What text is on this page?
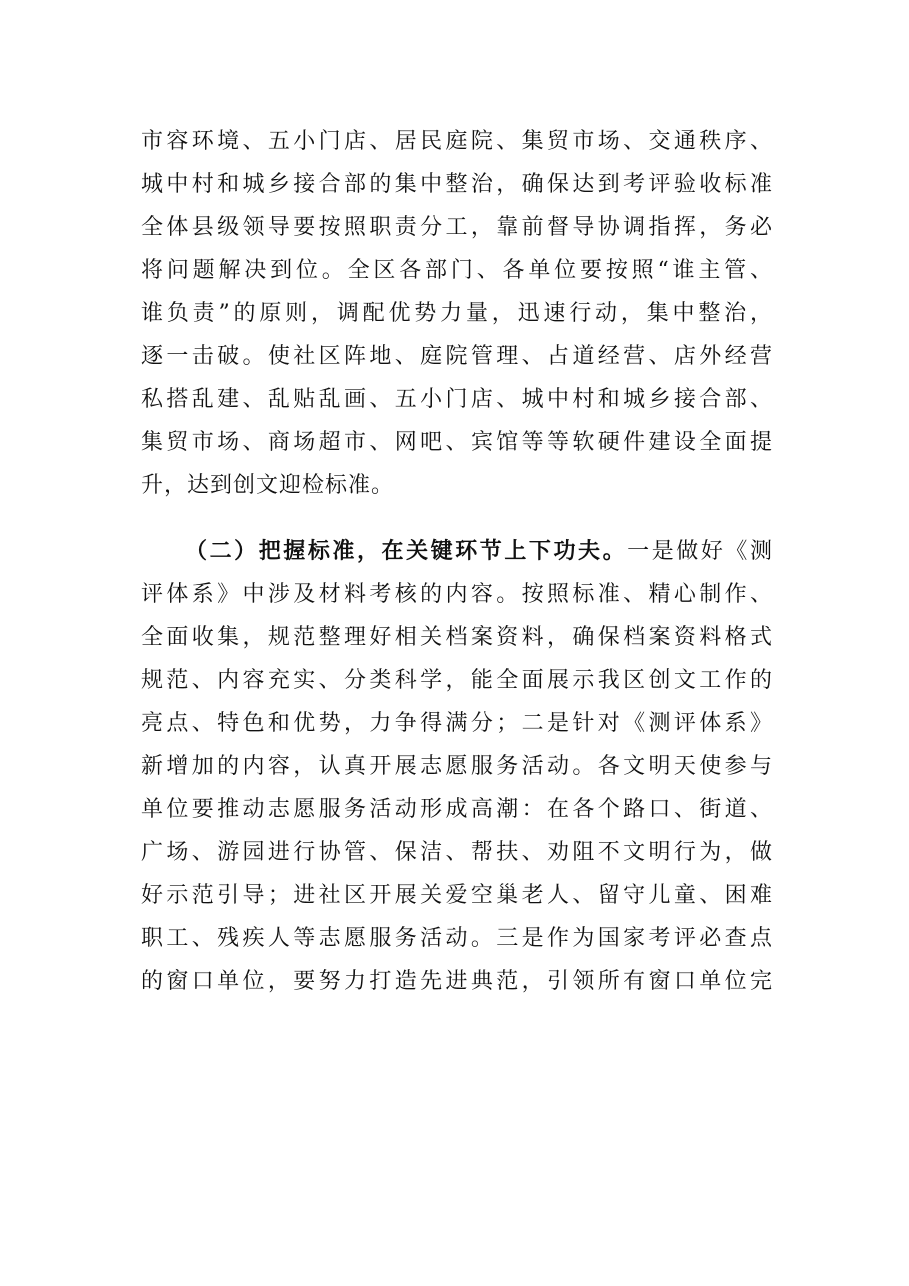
市容环境、五小门店、居民庭院、集贸市场、交通秩序、
城中村和城乡接合部的集中整治，确保达到考评验收标准
全体县级领导要按照职责分工，靠前督导协调指挥，务必
将问题解决到位。全区各部门、各单位要按照“谁主管、
谁负责”的原则，调配优势力量，迅速行动，集中整治，
逐一击破。使社区阵地、庭院管理、占道经营、店外经营
私搭乱建、乱贴乱画、五小门店、城中村和城乡接合部、
集贸市场、商场超市、网吧、宾馆等等软硬件建设全面提
升，达到创文迎检标准。
（二）把握标准，在关键环节上下功夫。一是做好《测
评体系》中涉及材料考核的内容。按照标准、精心制作、
全面收集，规范整理好相关档案资料，确保档案资料格式
规范、内容充实、分类科学，能全面展示我区创文工作的
亮点、特色和优势，力争得满分；二是针对《测评体系》
新增加的内容，认真开展志愿服务活动。各文明天使参与
单位要推动志愿服务活动形成高潮：在各个路口、街道、
广场、游园进行协管、保洁、帮扶、劝阻不文明行为，做
好示范引导；进社区开展关爱空巢老人、留守儿童、困难
职工、残疾人等志愿服务活动。三是作为国家考评必查点
的窗口单位，要努力打造先进典范，引领所有窗口单位完
